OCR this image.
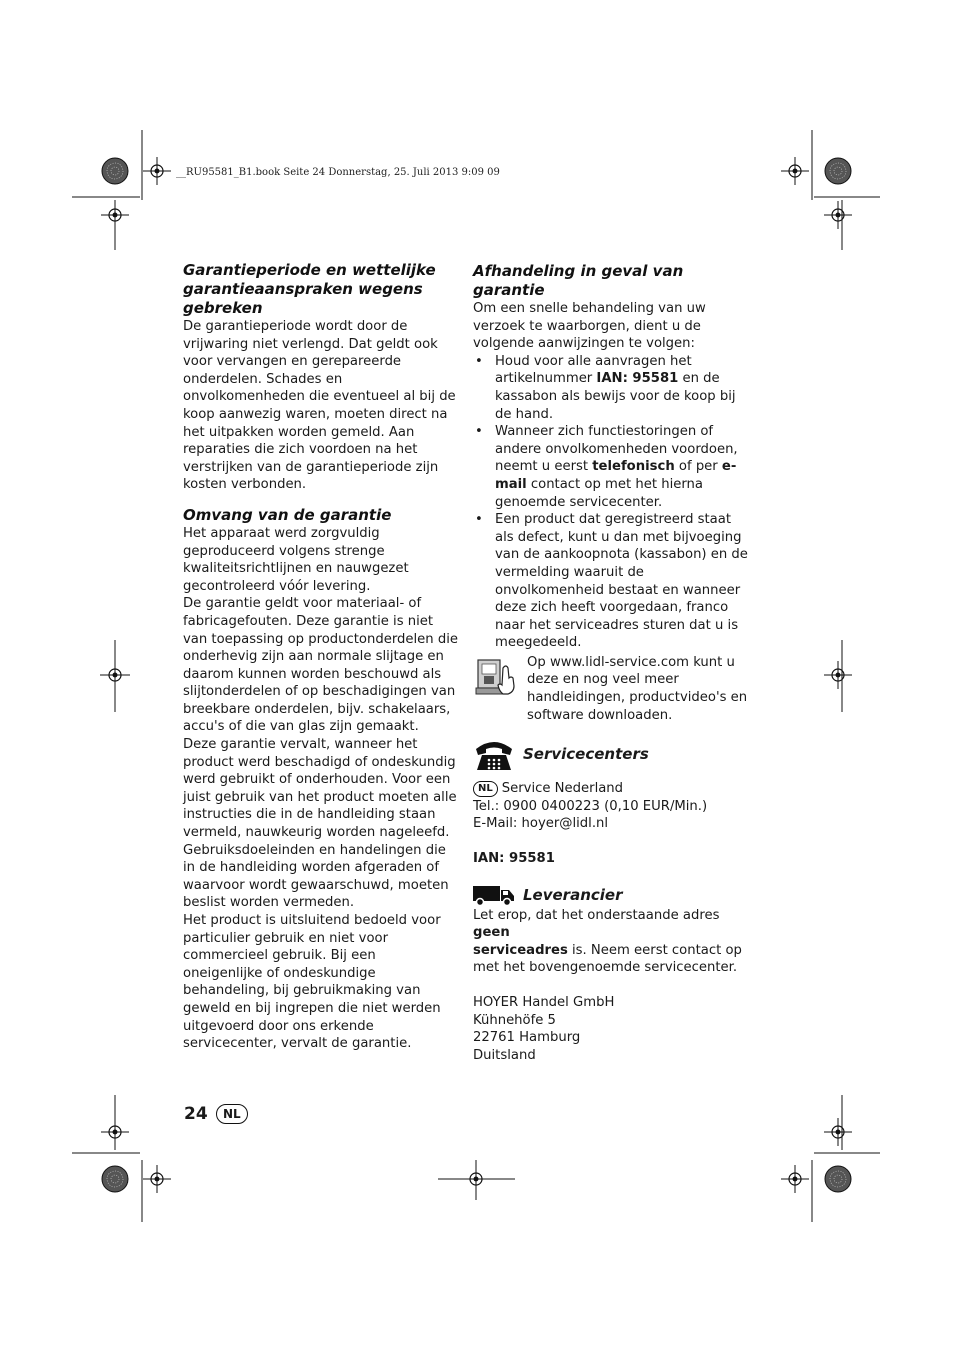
__RU95581_B1.book Seite 24 Donnerstag, 25. Juli 2013 9:09 09
Garantieperiode en wettelijke garantieaanspraken wegens gebreken

De garantieperiode wordt door de vrijwaring niet verlengd. Dat geldt ook voor vervangen en gerepareerde onderdelen. Schades en onvolkomenheden die eventueel al bij de koop aanwezig waren, moeten direct na het uitpakken worden gemeld. Aan reparaties die zich voordoen na het verstrijken van de garantieperiode zijn kosten verbonden.

Omvang van de garantie

Het apparaat werd zorgvuldig geproduceerd volgens strenge kwaliteitsrichtlijnen en nauwgezet gecontroleerd vóór levering.

De garantie geldt voor materiaal- of fabricagefouten. Deze garantie is niet van toepassing op productonderdelen die onderhevig zijn aan normale slijtage en daarom kunnen worden beschouwd als slijtonderdelen of op beschadigingen van breekbare onderdelen, bijv. schakelaars, accu's of die van glas zijn gemaakt.

Deze garantie vervalt, wanneer het product werd beschadigd of ondeskundig werd gebruikt of onderhouden. Voor een juist gebruik van het product moeten alle instructies die in de handleiding staan vermeld, nauwkeurig worden nageleefd. Gebruiksdoeleinden en handelingen die in de handleiding worden afgeraden of waarvoor wordt gewaarschuwd, moeten beslist worden vermeden.

Het product is uitsluitend bedoeld voor particulier gebruik en niet voor commercieel gebruik. Bij een oneigenlijke of ondeskundige behandeling, bij gebruikmaking van geweld en bij ingrepen die niet werden uitgevoerd door ons erkende servicecenter, vervalt de garantie.

Afhandeling in geval van garantie

Om een snelle behandeling van uw verzoek te waarborgen, dient u de volgende aanwijzingen te volgen:

• Houd voor alle aanvragen het artikelnummer IAN: 95581 en de kassabon als bewijs voor de koop bij de hand.
• Wanneer zich functiestoringen of andere onvolkomenheden voordoen, neemt u eerst telefonisch of per e-mail contact op met het hierna genoemde servicecenter.
• Een product dat geregistreerd staat als defect, kunt u dan met bijvoeging van de aankoopnota (kassabon) en de vermelding waaruit de onvolkomenheid bestaat en wanneer deze zich heeft voorgedaan, franco naar het serviceadres sturen dat u is meegedeeld.

Op www.lidl-service.com kunt u deze en nog veel meer handleidingen, productvideo's en software downloaden.

Servicecenters

NL Service Nederland

Tel.: 0900 0400223 (0,10 EUR/Min.)

E-Mail: hoyer@lidl.nl

IAN: 95581

Leverancier

Let erop, dat het onderstaande adres geen
serviceadres is. Neem eerst contact op met het bovengenoemde servicecenter.

HOYER Handel GmbH

Kühnehöfe 5

22761 Hamburg

Duitsland

24	NL
